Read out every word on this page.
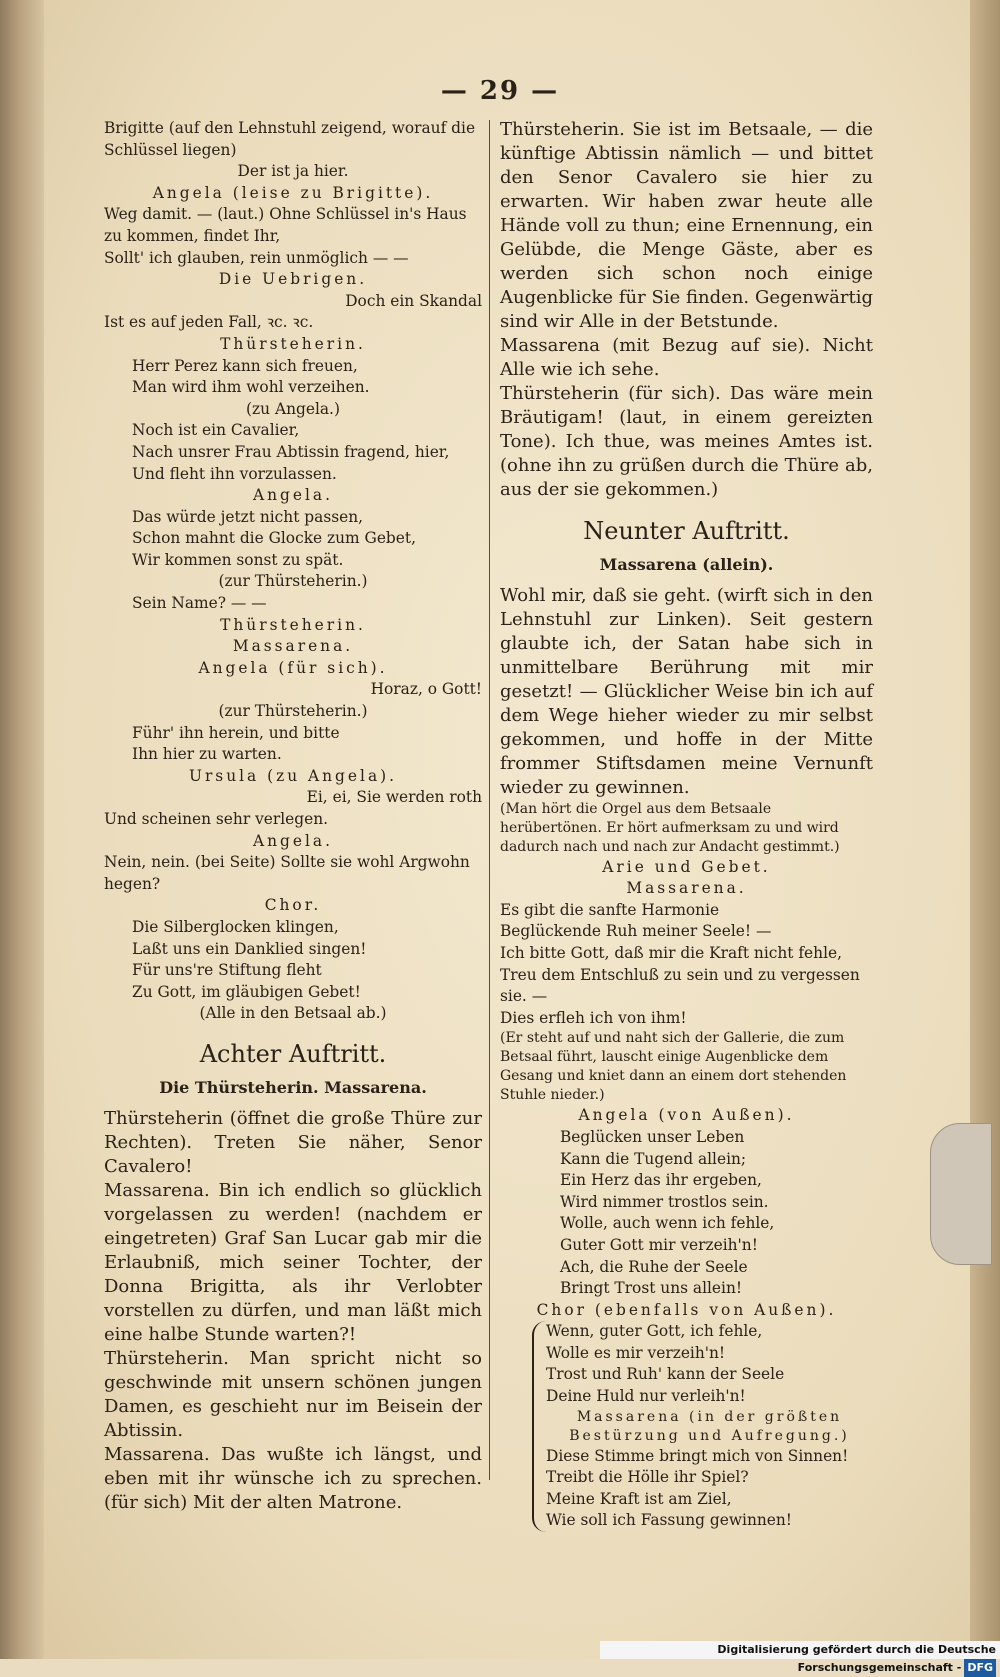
— 29 —
Brigitte (auf den Lehnstuhl zeigend, worauf die Schlüssel liegen)
Der ist ja hier.
Angela (leise zu Brigitte).
Weg damit. — (laut.) Ohne Schlüssel in's Haus zu kommen, findet Ihr,
Sollt' ich glauben, rein unmöglich — —
Die Uebrigen.
Doch ein Skandal
Ist es auf jeden Fall, ꝛc. ꝛc.
Thürsteherin.
Herr Perez kann sich freuen,
Man wird ihm wohl verzeihen.
(zu Angela.)
Noch ist ein Cavalier,
Nach unsrer Frau Abtissin fragend, hier,
Und fleht ihn vorzulassen.
Angela.
Das würde jetzt nicht passen,
Schon mahnt die Glocke zum Gebet,
Wir kommen sonst zu spät.
(zur Thürsteherin.)
Sein Name? — —
Thürsteherin.
Massarena.
Angela (für sich).
Horaz, o Gott!
(zur Thürsteherin.)
Führ' ihn herein, und bitte
Ihn hier zu warten.
Ursula (zu Angela).
Ei, ei, Sie werden roth
Und scheinen sehr verlegen.
Angela.
Nein, nein. (bei Seite) Sollte sie wohl Argwohn hegen?
Chor.
Die Silberglocken klingen,
Laßt uns ein Danklied singen!
Für uns're Stiftung fleht
Zu Gott, im gläubigen Gebet!
(Alle in den Betsaal ab.)
Achter Auftritt.
Die Thürsteherin. Massarena.
Thürsteherin (öffnet die große Thüre zur Rechten). Treten Sie näher, Senor Cavalero!
Massarena. Bin ich endlich so glücklich vorgelassen zu werden! (nachdem er eingetreten) Graf San Lucar gab mir die Erlaubniß, mich seiner Tochter, der Donna Brigitta, als ihr Verlobter vorstellen zu dürfen, und man läßt mich eine halbe Stunde warten?!
Thürsteherin. Man spricht nicht so geschwinde mit unsern schönen jungen Damen, es geschieht nur im Beisein der Abtissin.
Massarena. Das wußte ich längst, und eben mit ihr wünsche ich zu sprechen. (für sich) Mit der alten Matrone.
Thürsteherin. Sie ist im Betsaale, — die künftige Abtissin nämlich — und bittet den Senor Cavalero sie hier zu erwarten. Wir haben zwar heute alle Hände voll zu thun; eine Ernennung, ein Gelübde, die Menge Gäste, aber es werden sich schon noch einige Augenblicke für Sie finden. Gegenwärtig sind wir Alle in der Betstunde.
Massarena (mit Bezug auf sie). Nicht Alle wie ich sehe.
Thürsteherin (für sich). Das wäre mein Bräutigam! (laut, in einem gereizten Tone). Ich thue, was meines Amtes ist. (ohne ihn zu grüßen durch die Thüre ab, aus der sie gekommen.)
Neunter Auftritt.
Massarena (allein).
Wohl mir, daß sie geht. (wirft sich in den Lehnstuhl zur Linken). Seit gestern glaubte ich, der Satan habe sich in unmittelbare Berührung mit mir gesetzt! — Glücklicher Weise bin ich auf dem Wege hieher wieder zu mir selbst gekommen, und hoffe in der Mitte frommer Stiftsdamen meine Vernunft wieder zu gewinnen.
(Man hört die Orgel aus dem Betsaale herübertönen. Er hört aufmerksam zu und wird dadurch nach und nach zur Andacht gestimmt.)
Arie und Gebet.
Massarena.
Es gibt die sanfte Harmonie
Beglückende Ruh meiner Seele! —
Ich bitte Gott, daß mir die Kraft nicht fehle,
Treu dem Entschluß zu sein und zu vergessen sie. —
Dies erfleh ich von ihm!
(Er steht auf und naht sich der Gallerie, die zum Betsaal führt, lauscht einige Augenblicke dem Gesang und kniet dann an einem dort stehenden Stuhle nieder.)
Angela (von Außen).
Beglücken unser Leben
Kann die Tugend allein;
Ein Herz das ihr ergeben,
Wird nimmer trostlos sein.
Wolle, auch wenn ich fehle,
Guter Gott mir verzeih'n!
Ach, die Ruhe der Seele
Bringt Trost uns allein!
Chor (ebenfalls von Außen).
Wenn, guter Gott, ich fehle,
Wolle es mir verzeih'n!
Trost und Ruh' kann der Seele
Deine Huld nur verleih'n!
Massarena (in der größten Bestürzung und Aufregung.)
Diese Stimme bringt mich von Sinnen!
Treibt die Hölle ihr Spiel?
Meine Kraft ist am Ziel,
Wie soll ich Fassung gewinnen!
Digitalisierung gefördert durch die Deutsche Forschungsgemeinschaft - DFG
